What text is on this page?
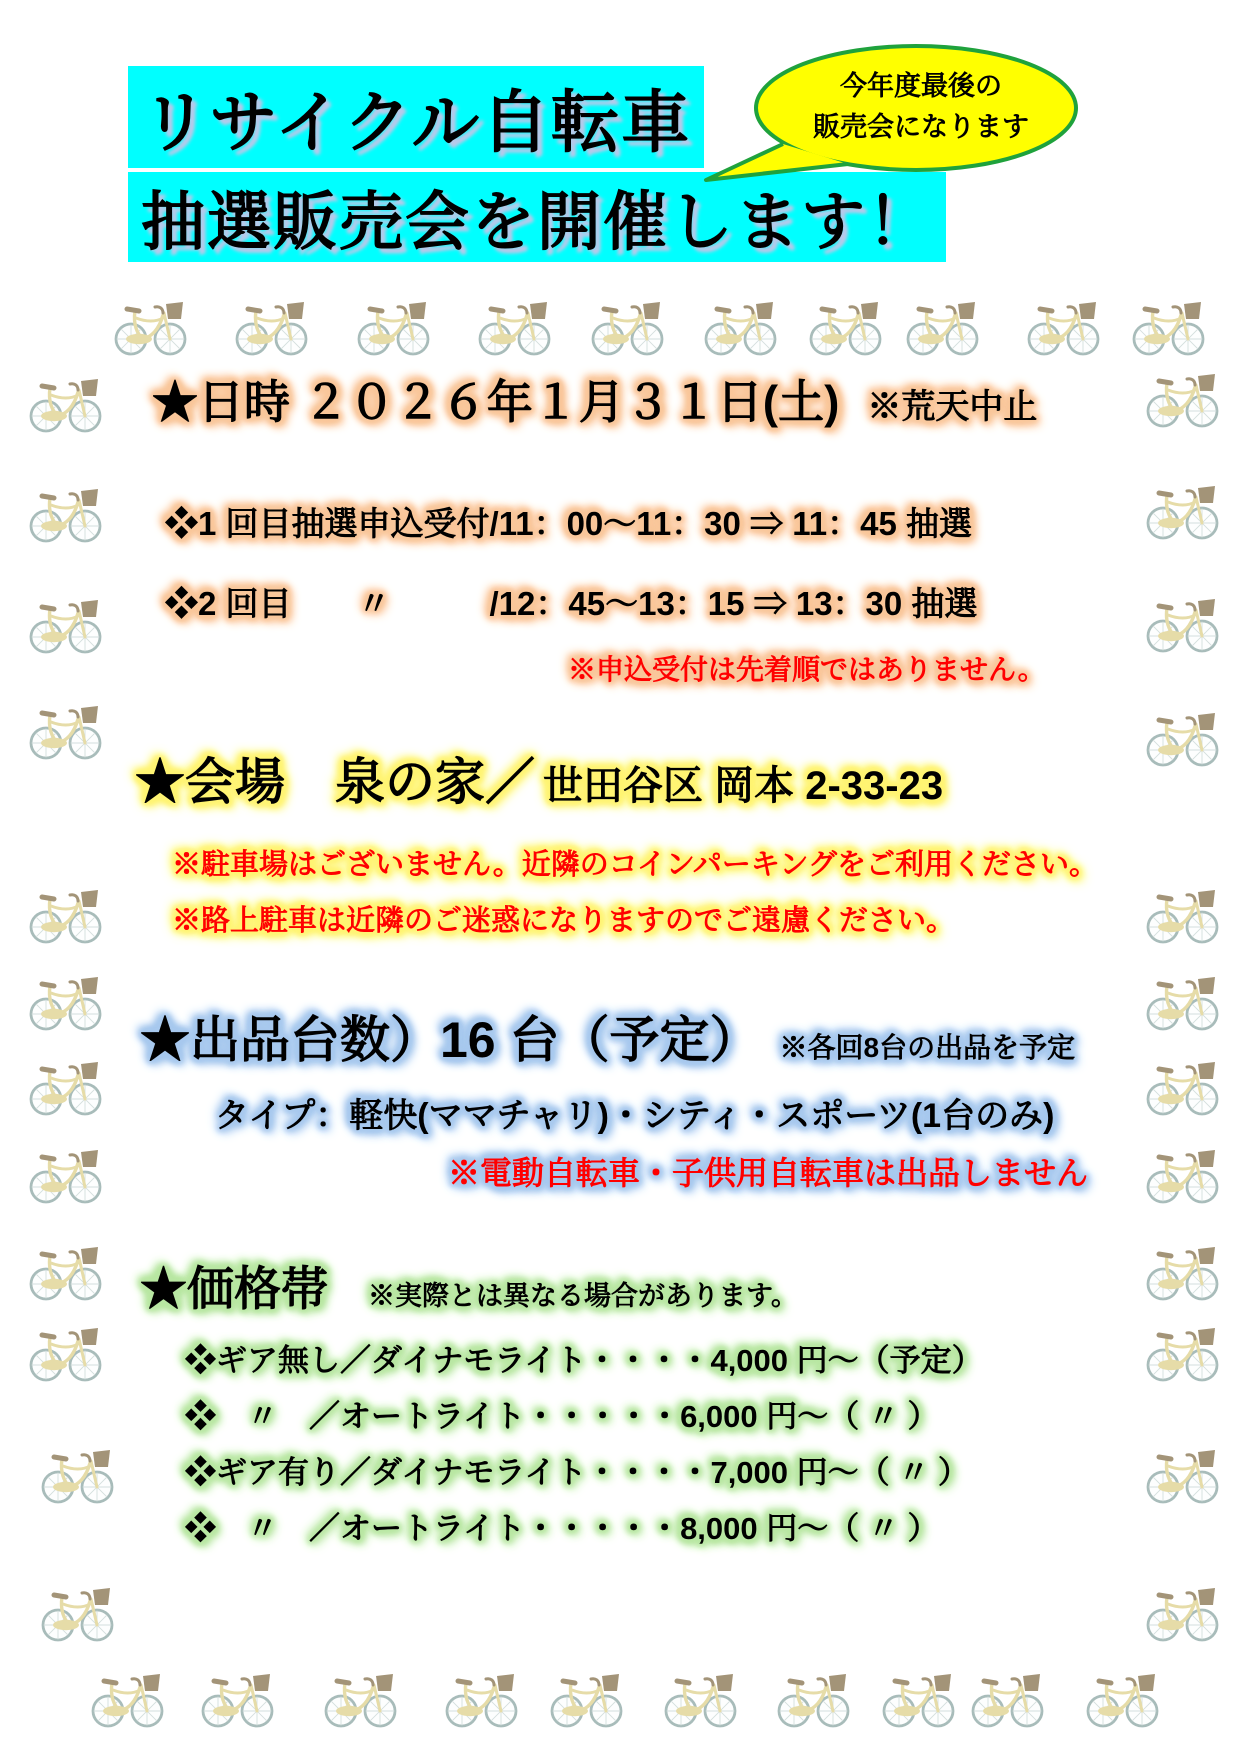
リサイクル自転車
抽選販売会を開催します！
今年度最後の
販売会になります
★日時 ２０２６年１月３１日(土) ※荒天中止
❖1 回目抽選申込受付/11：00～11：30 ⇒ 11：45 抽選
❖2 回目　　〃　　　/12：45～13：15 ⇒ 13：30 抽選
※申込受付は先着順ではありません。
★会場　泉の家／ 世田谷区 岡本 2-33-23
※駐車場はございません。近隣のコインパーキングをご利用ください。
※路上駐車は近隣のご迷惑になりますのでご遠慮ください。
★出品台数）16 台（予定） ※各回8台の出品を予定
タイプ：軽快(ママチャリ)・シティ・スポーツ(1台のみ)
※電動自転車・子供用自転車は出品しません
★価格帯 ※実際とは異なる場合があります。
❖ギア無し／ダイナモライト・・・・4,000 円～（予定）
❖　〃　／オートライト・・・・・6,000 円～（ 〃 ）
❖ギア有り／ダイナモライト・・・・7,000 円～（ 〃 ）
❖　〃　／オートライト・・・・・8,000 円～（ 〃 ）
